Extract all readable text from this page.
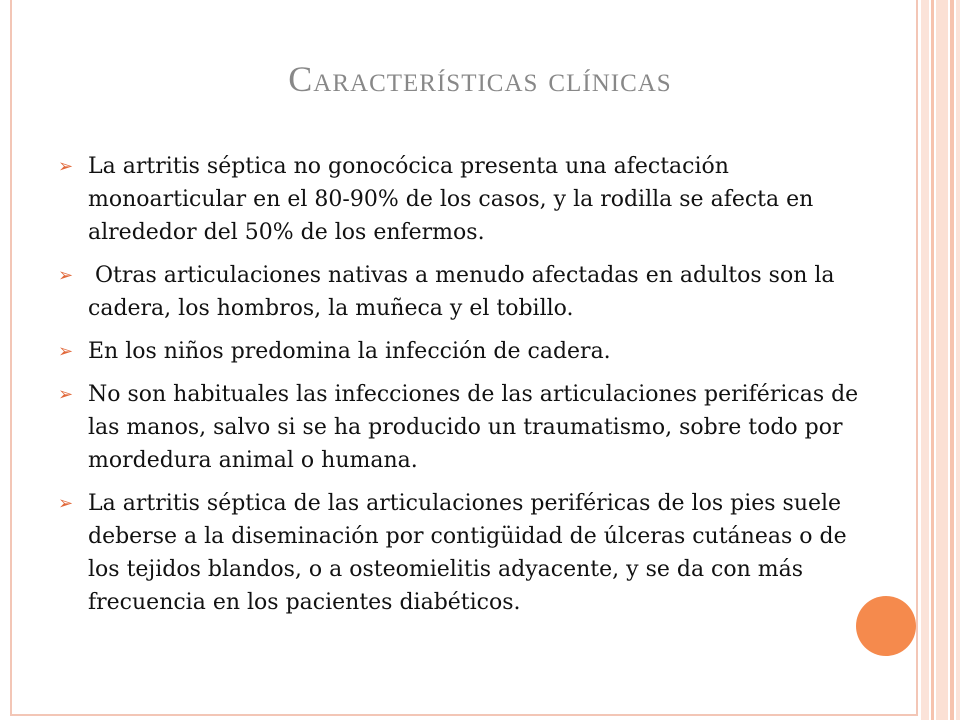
Características clínicas
➢ La artritis séptica no gonocócica presenta una afectación monoarticular en el 80-90% de los casos, y la rodilla se afecta en alrededor del 50% de los enfermos.
➢ Otras articulaciones nativas a menudo afectadas en adultos son la cadera, los hombros, la muñeca y el tobillo.
➢ En los niños predomina la infección de cadera.
➢ No son habituales las infecciones de las articulaciones periféricas de las manos, salvo si se ha producido un traumatismo, sobre todo por mordedura animal o humana.
➢ La artritis séptica de las articulaciones periféricas de los pies suele deberse a la diseminación por contigüidad de úlceras cutáneas o de los tejidos blandos, o a osteomielitis adyacente, y se da con más frecuencia en los pacientes diabéticos.
